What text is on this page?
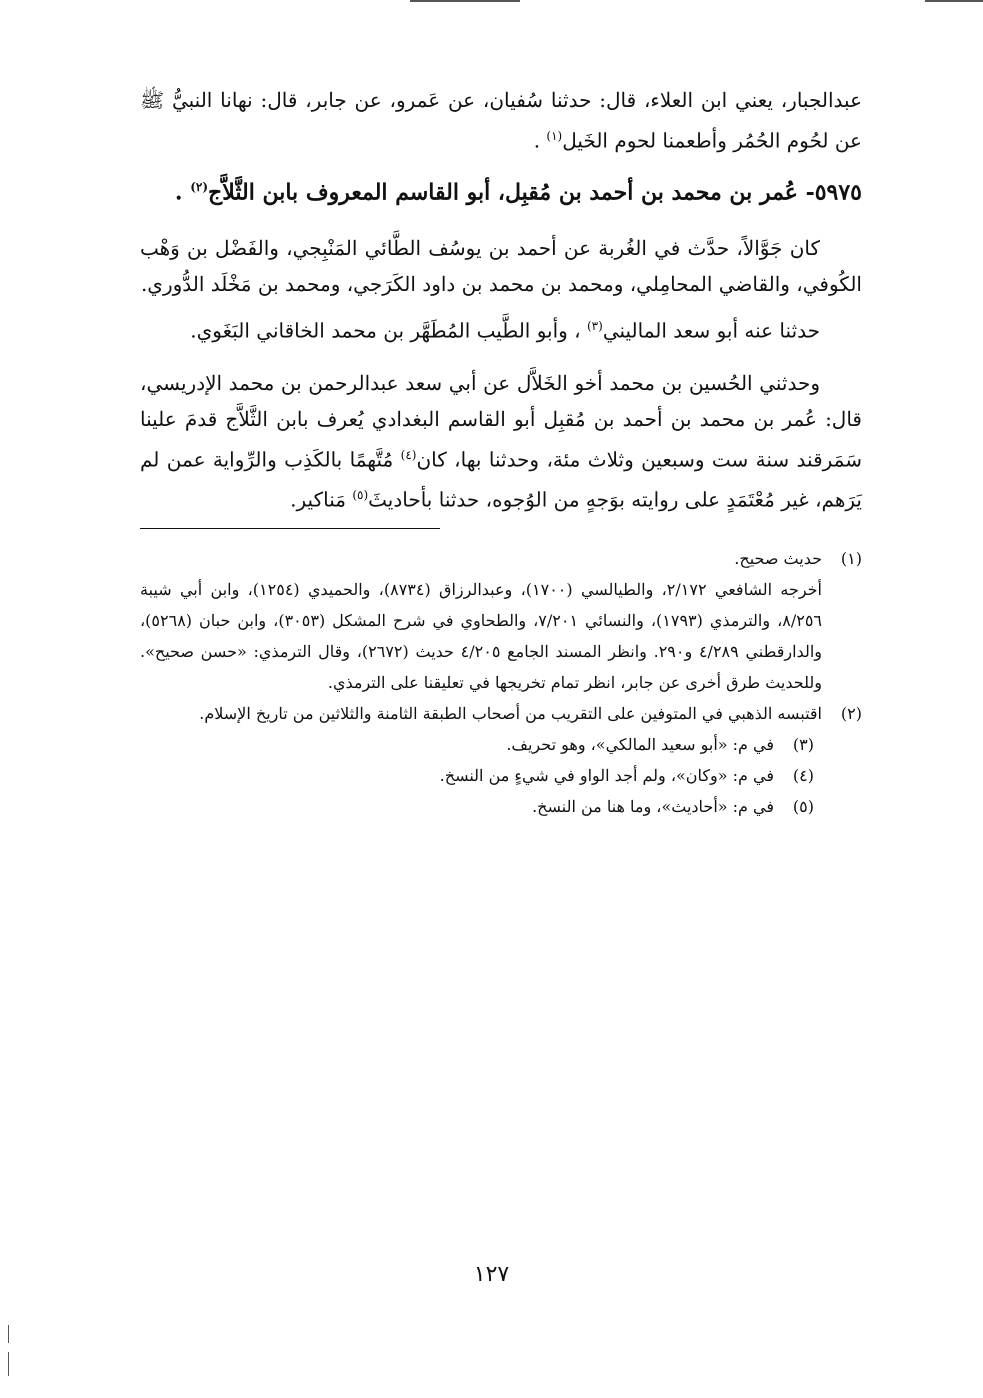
عبدالجبار، يعني ابن العلاء، قال: حدثنا سُفيان، عن عَمرو، عن جابر، قال: نهانا النبيُّ ﷺ عن لحُوم الحُمُر وأطعمنا لحوم الخَيل$^{(١)}$ .

٥٩٧٥- عُمر بن محمد بن أحمد بن مُقبِل، أبو القاسم المعروف بابن الثَّلاَّج$^{(٢)}$ .

كان جَوَّالاً، حدَّث في الغُربة عن أحمد بن يوسُف الطَّائي المَنْبِجي، والفَضْل بن وَهْب الكُوفي، والقاضي المحامِلي، ومحمد بن محمد بن داود الكَرَجي، ومحمد بن مَخْلَد الدُّوري.

حدثنا عنه أبو سعد الماليني$^{(٣)}$ ، وأبو الطَّيب المُطَهَّر بن محمد الخاقاني البَغَوي.

وحدثني الحُسين بن محمد أخو الخَلاَّل عن أبي سعد عبدالرحمن بن محمد الإدريسي، قال: عُمر بن محمد بن أحمد بن مُقبِل أبو القاسم البغدادي يُعرف بابن الثَّلاَّج قدمَ علينا سَمَرقند سنة ست وسبعين وثلاث مئة، وحدثنا بها، كان$^{(٤)}$ مُتَّهمًا بالكَذِب والرِّواية عمن لم يَرَهم، غير مُعْتَمَدٍ على روايته بوَجهٍ من الوُجوه، حدثنا بأحاديثَ$^{(٥)}$ مَناكير.

(١)

حديث صحيح.

أخرجه الشافعي ٢/١٧٢، والطيالسي (١٧٠٠)، وعبدالرزاق (٨٧٣٤)، والحميدي (١٢٥٤)، وابن أبي شيبة ٨/٢٥٦، والترمذي (١٧٩٣)، والنسائي ٧/٢٠١، والطحاوي في شرح المشكل (٣٠٥٣)، وابن حبان (٥٢٦٨)، والدارقطني ٤/٢٨٩ و٢٩٠. وانظر المسند الجامع ٤/٢٠٥ حديث (٢٦٧٢)، وقال الترمذي: «حسن صحيح». وللحديث طرق أخرى عن جابر، انظر تمام تخريجها في تعليقنا على الترمذي.

(٢)

اقتبسه الذهبي في المتوفين على التقريب من أصحاب الطبقة الثامنة والثلاثين من تاريخ الإسلام.

(٣)

في م: «أبو سعيد المالكي»، وهو تحريف.

(٤)

في م: «وكان»، ولم أجد الواو في شيءٍ من النسخ.

(٥)

في م: «أحاديث»، وما هنا من النسخ.

١٢٧
